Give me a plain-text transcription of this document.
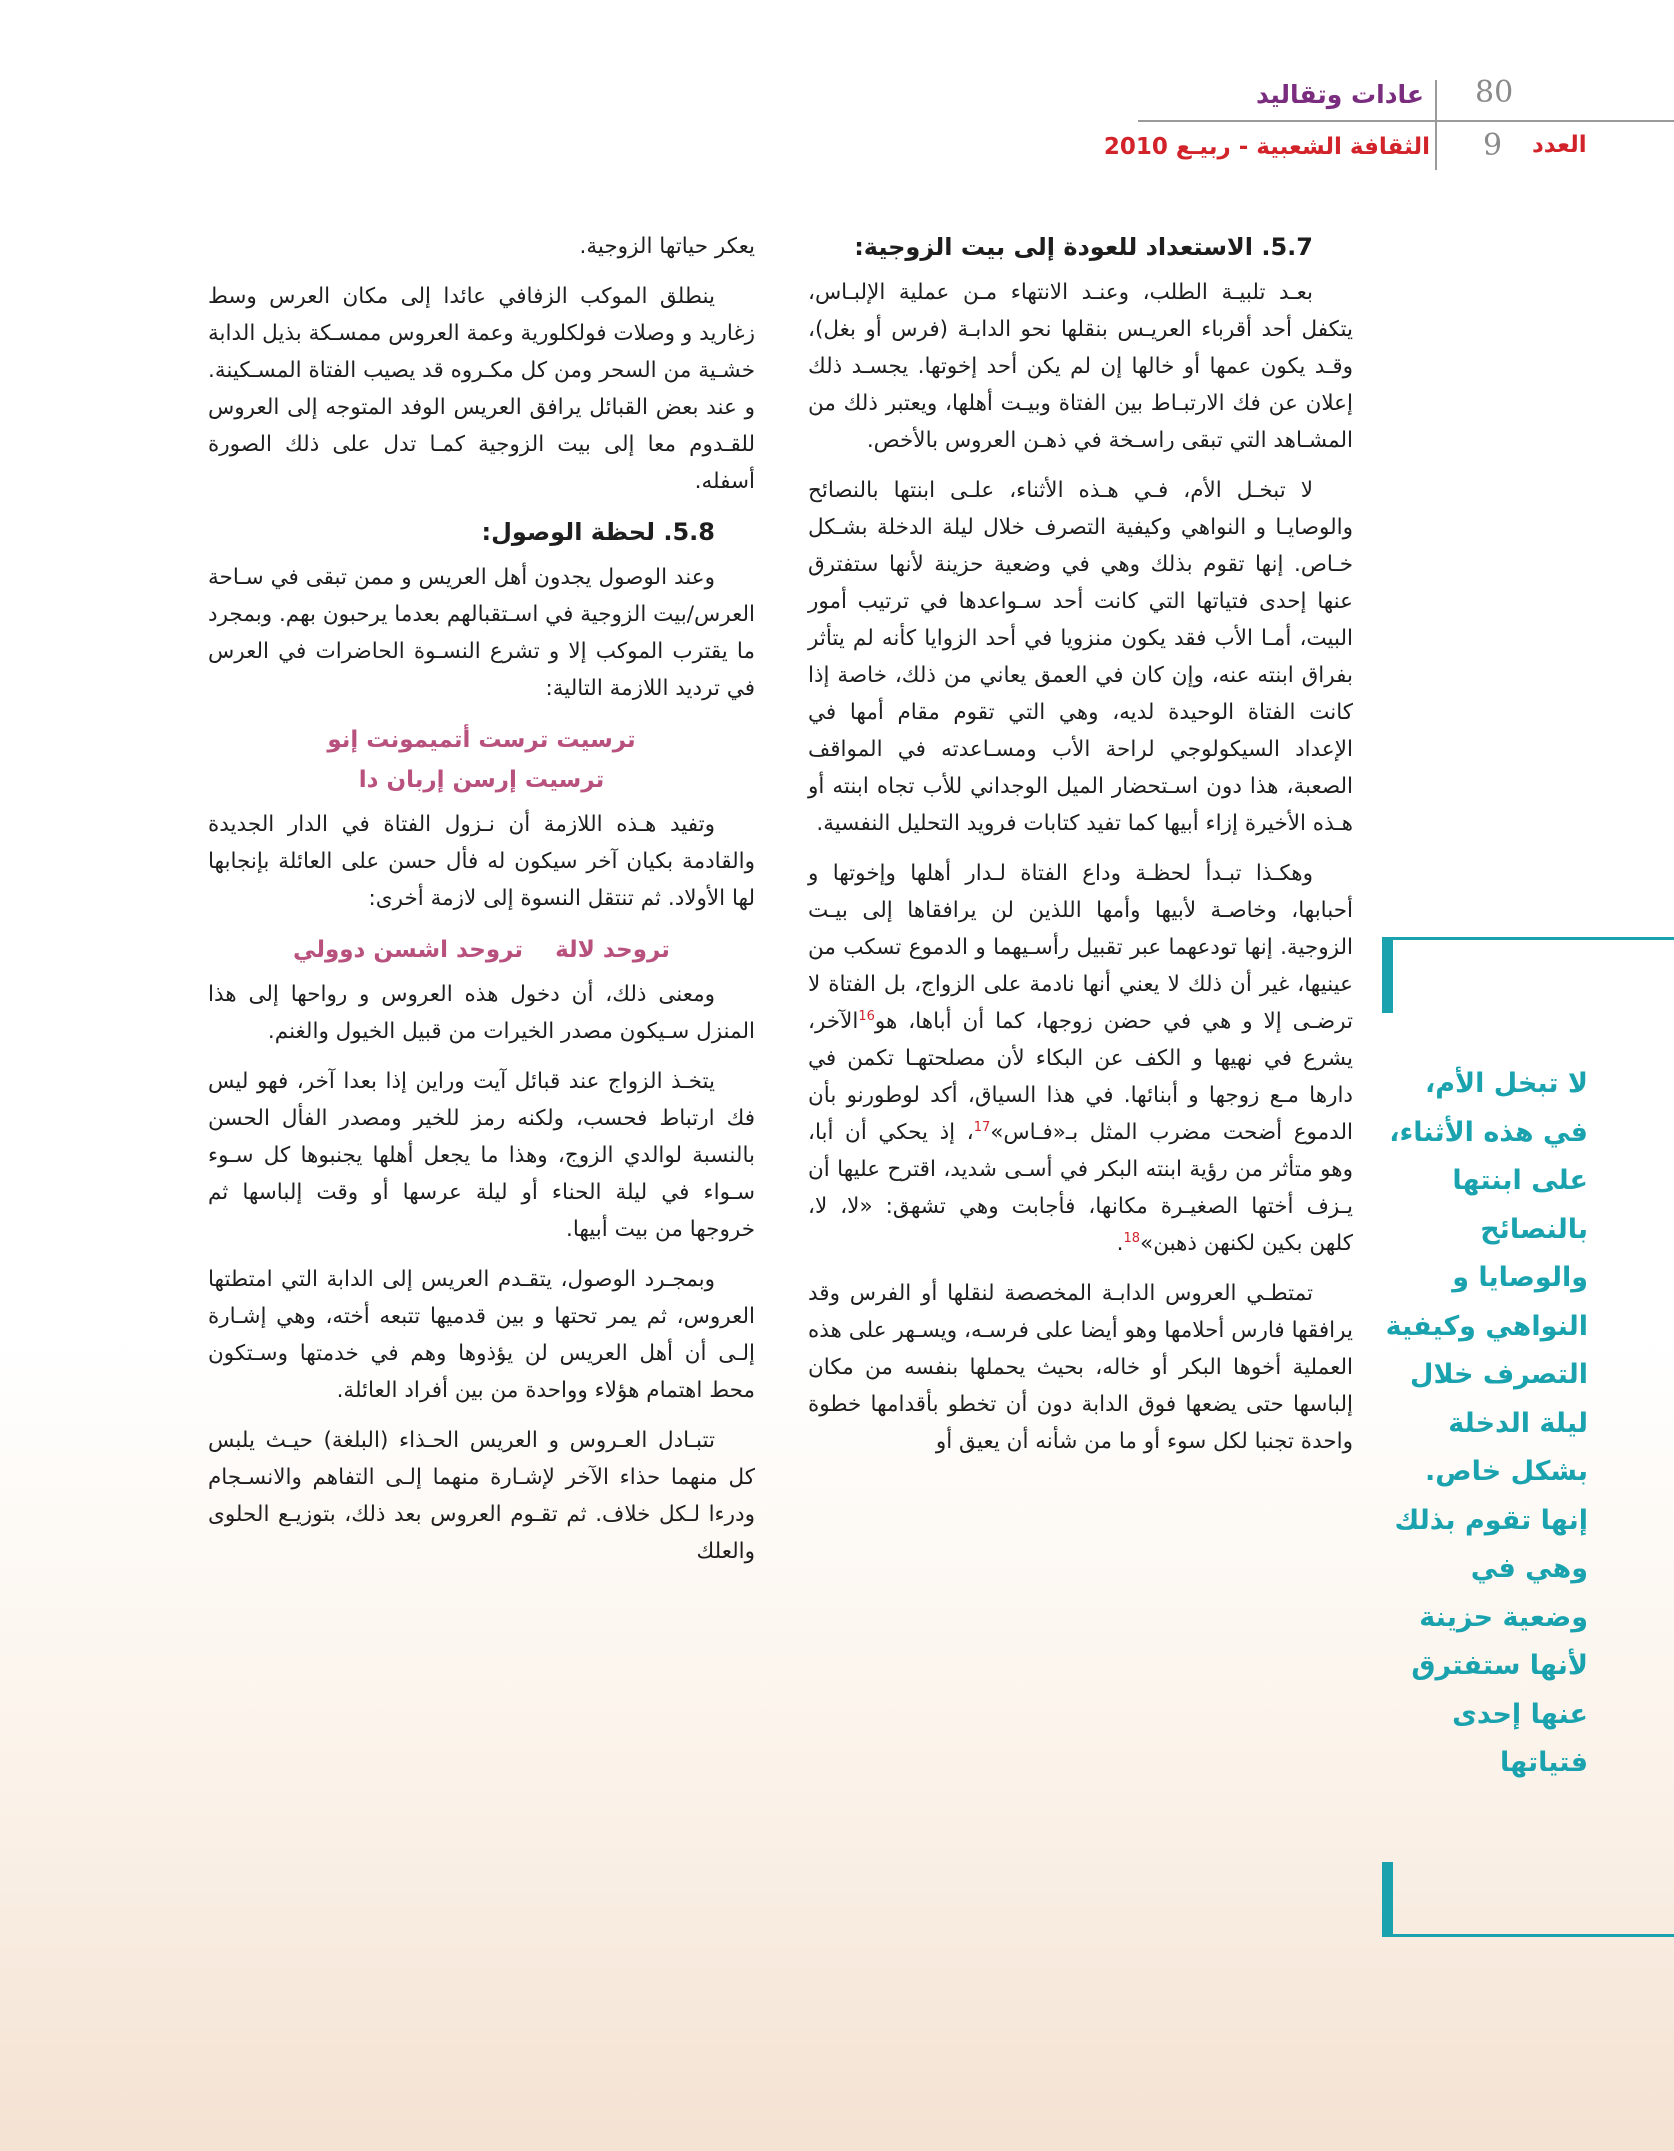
80
9
عادات وتقاليد
العدد
الثقافة الشعبية - ربيـع 2010
5.7. الاستعداد للعودة إلى بيت الزوجية:

بعـد تلبيـة الطلب، وعنـد الانتهاء مـن عملية الإلبـاس، يتكفل أحد أقرباء العريـس بنقلها نحو الدابـة (فرس أو بغل)، وقـد يكون عمها أو خالها إن لم يكن أحد إخوتها. يجسـد ذلك إعلان عن فك الارتبـاط بين الفتاة وبيـت أهلها، ويعتبر ذلك من المشـاهد التي تبقى راسـخة في ذهـن العروس بالأخص.

لا تبخـل الأم، فـي هـذه الأثناء، علـى ابنتها بالنصائح والوصايـا و النواهي وكيفية التصرف خلال ليلة الدخلة بشـكل خـاص. إنها تقوم بذلك وهي في وضعية حزينة لأنها ستفترق عنها إحدى فتياتها التي كانت أحد سـواعدها في ترتيب أمور البيت، أمـا الأب فقد يكون منزويا في أحد الزوايا كأنه لم يتأثر بفراق ابنته عنه، وإن كان في العمق يعاني من ذلك، خاصة إذا كانت الفتاة الوحيدة لديه، وهي التي تقوم مقام أمها في الإعداد السيكولوجي لراحة الأب ومسـاعدته في المواقف الصعبة، هذا دون اسـتحضار الميل الوجداني للأب تجاه ابنته أو هـذه الأخيرة إزاء أبيها كما تفيد كتابات فرويد التحليل النفسية.

وهكـذا تبـدأ لحظـة وداع الفتاة لـدار أهلها وإخوتها و أحبابها، وخاصـة لأبيها وأمها اللذين لن يرافقاها إلى بيـت الزوجية. إنها تودعهما عبر تقبيل رأسـيهما و الدموع تسكب من عينيها، غير أن ذلك لا يعني أنها نادمة على الزواج، بل الفتاة لا ترضـى إلا و هي في حضن زوجها، كما أن أباها، هو$^{16}$الآخر، يشرع في نهيها و الكف عن البكاء لأن مصلحتهـا تكمن في دارها مـع زوجها و أبنائها. في هذا السياق، أكد لوطورنو بأن الدموع أضحت مضرب المثل بـ«فـاس»$^{17}$، إذ يحكي أن أبا، وهو متأثر من رؤية ابنته البكر في أسـى شديد، اقترح عليها أن يـزف أختها الصغيـرة مكانها، فأجابت وهي تشهق: «لا، لا، كلهن بكين لكنهن ذهبن»$^{18}$.

تمتطـي العروس الدابـة المخصصة لنقلها أو الفرس وقد يرافقها فارس أحلامها وهو أيضا على فرسـه، ويسـهر على هذه العملية أخوها البكر أو خاله، بحيث يحملها بنفسه من مكان إلباسها حتى يضعها فوق الدابة دون أن تخطو بأقدامها خطوة واحدة تجنبا لكل سوء أو ما من شأنه أن يعيق أو

يعكر حياتها الزوجية.

ينطلق الموكب الزفافي عائدا إلى مكان العرس وسط زغاريد و وصلات فولكلورية وعمة العروس ممسـكة بذيل الدابة خشـية من السحر ومن كل مكـروه قد يصيب الفتاة المسـكينة. و عند بعض القبائل يرافق العريس الوفد المتوجه إلى العروس للقـدوم معا إلى بيت الزوجية كمـا تدل على ذلك الصورة أسفله.

5.8. لحظة الوصول:

وعند الوصول يجدون أهل العريس و ممن تبقى في سـاحة العرس/بيت الزوجية في اسـتقبالهم بعدما يرحبون بهم. وبمجرد ما يقترب الموكب إلا و تشرع النسـوة الحاضرات في العرس في ترديد اللازمة التالية:

ترسيت ترست أتميمونت إنو
ترسيت إرسن إربان دا

وتفيد هـذه اللازمة أن نـزول الفتاة في الدار الجديدة والقادمة بكيان آخر سيكون له فأل حسن على العائلة بإنجابها لها الأولاد. ثم تنتقل النسوة إلى لازمة أخرى:

تروحد لالة    تروحد اشسن دوولي

ومعنى ذلك، أن دخول هذه العروس و رواحها إلى هذا المنزل سـيكون مصدر الخيرات من قبيل الخيول والغنم.

يتخـذ الزواج عند قبائل آيت وراين إذا بعدا آخر، فهو ليس فك ارتباط فحسب، ولكنه رمز للخير ومصدر الفأل الحسن بالنسبة لوالدي الزوج، وهذا ما يجعل أهلها يجنبوها كل سـوء سـواء في ليلة الحناء أو ليلة عرسها أو وقت إلباسها ثم خروجها من بيت أبيها.

وبمجـرد الوصول، يتقـدم العريس إلى الدابة التي امتطتها العروس، ثم يمر تحتها و بين قدميها تتبعه أخته، وهي إشـارة إلـى أن أهل العريس لن يؤذوها وهم في خدمتها وسـتكون محط اهتمام هؤلاء وواحدة من بين أفراد العائلة.

تتبـادل العـروس و العريس الحـذاء (البلغة) حيـث يلبس كل منهما حذاء الآخر لإشـارة منهما إلـى التفاهم والانسـجام ودرءا لـكل خلاف. ثم تقـوم العروس بعد ذلك، بتوزيـع الحلوى والعلك

لا تبخل الأم، في هذه الأثناء، على ابنتها بالنصائح والوصايا و النواهي وكيفية التصرف خلال ليلة الدخلة بشكل خاص. إنها تقوم بذلك وهي في وضعية حزينة لأنها ستفترق عنها إحدى فتياتها
